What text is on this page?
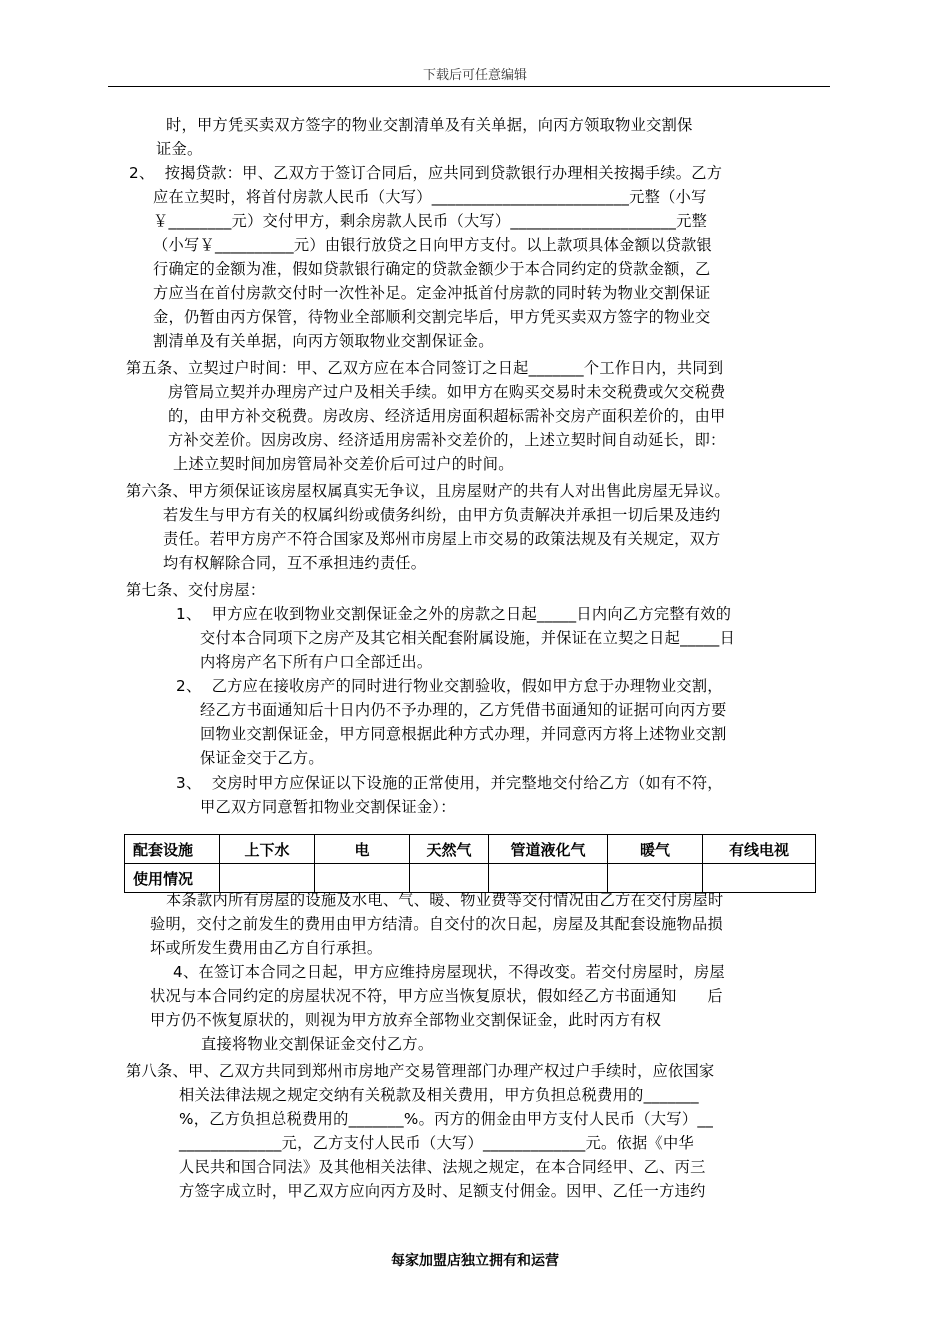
下载后可任意编辑
时，甲方凭买卖双方签字的物业交割清单及有关单据，向丙方领取物业交割保
证金。
2、  按揭贷款：甲、乙双方于签订合同后，应共同到贷款银行办理相关按揭手续。乙方
应在立契时，将首付房款人民币（大写）_________________________元整（小写
￥________元）交付甲方，剩余房款人民币（大写）_____________________元整
（小写￥__________元）由银行放贷之日向甲方支付。以上款项具体金额以贷款银
行确定的金额为准，假如贷款银行确定的贷款金额少于本合同约定的贷款金额，乙
方应当在首付房款交付时一次性补足。定金冲抵首付房款的同时转为物业交割保证
金，仍暂由丙方保管，待物业全部顺利交割完毕后，甲方凭买卖双方签字的物业交
割清单及有关单据，向丙方领取物业交割保证金。
第五条、立契过户时间：甲、乙双方应在本合同签订之日起_______个工作日内，共同到
房管局立契并办理房产过户及相关手续。如甲方在购买交易时未交税费或欠交税费
的，由甲方补交税费。房改房、经济适用房面积超标需补交房产面积差价的，由甲
方补交差价。因房改房、经济适用房需补交差价的，上述立契时间自动延长，即：
上述立契时间加房管局补交差价后可过户的时间。
第六条、甲方须保证该房屋权属真实无争议，且房屋财产的共有人对出售此房屋无异议。
若发生与甲方有关的权属纠纷或债务纠纷，由甲方负责解决并承担一切后果及违约
责任。若甲方房产不符合国家及郑州市房屋上市交易的政策法规及有关规定，双方
均有权解除合同，互不承担违约责任。
第七条、交付房屋：
1、  甲方应在收到物业交割保证金之外的房款之日起_____日内向乙方完整有效的
交付本合同项下之房产及其它相关配套附属设施，并保证在立契之日起_____日
内将房产名下所有户口全部迁出。
2、  乙方应在接收房产的同时进行物业交割验收，假如甲方怠于办理物业交割，
经乙方书面通知后十日内仍不予办理的，乙方凭借书面通知的证据可向丙方要
回物业交割保证金，甲方同意根据此种方式办理，并同意丙方将上述物业交割
保证金交于乙方。
3、  交房时甲方应保证以下设施的正常使用，并完整地交付给乙方（如有不符，
甲乙双方同意暂扣物业交割保证金）：
本条款内所有房屋的设施及水电、气、暖、物业费等交付情况由乙方在交付房屋时
验明，交付之前发生的费用由甲方结清。自交付的次日起，房屋及其配套设施物品损
坏或所发生费用由乙方自行承担。
4、在签订本合同之日起，甲方应维持房屋现状，不得改变。若交付房屋时，房屋
状况与本合同约定的房屋状况不符，甲方应当恢复原状，假如经乙方书面通知      后
甲方仍不恢复原状的，则视为甲方放弃全部物业交割保证金，此时丙方有权
直接将物业交割保证金交付乙方。
第八条、甲、乙双方共同到郑州市房地产交易管理部门办理产权过户手续时，应依国家
相关法律法规之规定交纳有关税款及相关费用，甲方负担总税费用的_______
%，乙方负担总税费用的_______%。丙方的佣金由甲方支付人民币（大写）__
_____________元，乙方支付人民币（大写）_____________元。依据《中华
人民共和国合同法》及其他相关法律、法规之规定，在本合同经甲、乙、丙三
方签字成立时，甲乙双方应向丙方及时、足额支付佣金。因甲、乙任一方违约
配套设施	上下水	电	天然气	管道液化气	暖气	有线电视
使用情况						
每家加盟店独立拥有和运营
